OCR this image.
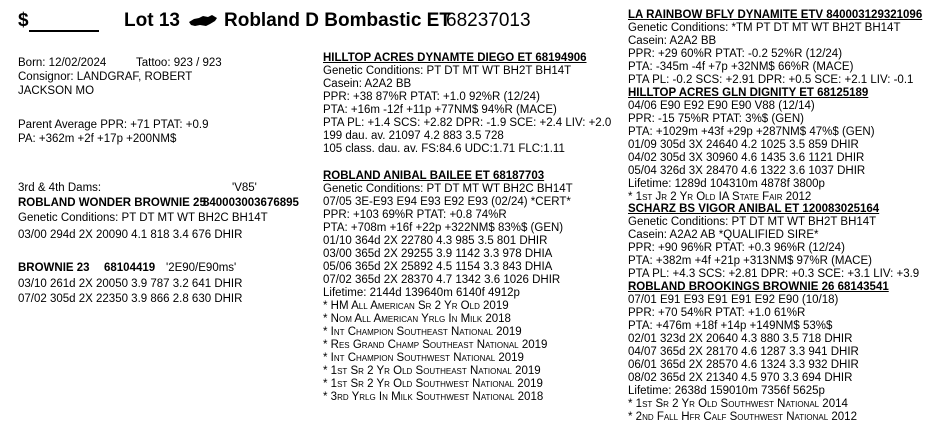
$	Lot 13 Robland D Bombastic ET
68237013
Born: 12/02/2024	Tattoo: 923 / 923
Consignor: LANDGRAF, ROBERT
JACKSON MO
Parent Average PPR: +71 PTAT: +0.9
PA: +362m +2f +17p +200NM$
3rd & 4th Dams:	'V85'
ROBLAND WONDER BROWNIE 25
840003003676895
Genetic Conditions: PT DT MT WT BH2C BH14T
03/00 294d 2X 20090 4.1 818 3.4 676 DHIR
BROWNIE 23 68104419 '2E90/E90ms'
03/10 261d 2X 20050 3.9 787 3.2 641 DHIR
07/02 305d 2X 22350 3.9 866 2.8 630 DHIR
HILLTOP ACRES DYNAMTE DIEGO ET 68194906
Genetic Conditions: PT DT MT WT BH2T BH14T
Casein: A2A2 BB
PPR: +38 87%R PTAT: +1.0 92%R (12/24)
PTA: +16m -12f +11p +77NM$ 94%R (MACE)
PTA PL: +1.4 SCS: +2.82 DPR: -1.9 SCE: +2.4 LIV: +2.0
199 dau. av. 21097 4.2 883 3.5 728
105 class. dau. av. FS:84.6 UDC:1.71 FLC:1.11
ROBLAND ANIBAL BAILEE ET 68187703
Genetic Conditions: PT DT MT WT BH2C BH14T
07/05 3E-E93 E94 E93 E92 E93 (02/24) *CERT*
PPR: +103 69%R PTAT: +0.8 74%R
PTA: +708m +16f +22p +322NM$ 83%$ (GEN)
01/10 364d 2X 22780 4.3 985 3.5 801 DHIR
03/00 365d 2X 29255 3.9 1142 3.3 978 DHIA
05/06 365d 2X 25892 4.5 1154 3.3 843 DHIA
07/02 365d 2X 28370 4.7 1342 3.6 1026 DHIR
Lifetime: 2144d 139640m 6140f 4912p
* HM All American Sr 2 Yr Old 2019
* Nom All American Yrlg In Milk 2018
* Int Champion Southeast National 2019
* Res Grand Champ Southeast National 2019
* Int Champion Southwest National 2019
* 1st Sr 2 Yr Old Southeast National 2019
* 1st Sr 2 Yr Old Southwest National 2019
* 3rd Yrlg In Milk Southwest National 2018
LA RAINBOW BFLY DYNAMITE ETV 840003129321096
Genetic Conditions: *TM PT DT MT WT BH2T BH14T
Casein: A2A2 BB
PPR: +29 60%R PTAT: -0.2 52%R (12/24)
PTA: -345m -4f +7p +32NM$ 66%R (MACE)
PTA PL: -0.2 SCS: +2.91 DPR: +0.5 SCE: +2.1 LIV: -0.1
HILLTOP ACRES GLN DIGNITY ET 68125189
04/06 E90 E92 E90 E90 V88 (12/14)
PPR: -15 75%R PTAT: 3%$ (GEN)
PTA: +1029m +43f +29p +287NM$ 47%$ (GEN)
01/09 305d 3X 24640 4.2 1025 3.5 859 DHIR
04/02 305d 3X 30960 4.6 1435 3.6 1121 DHIR
05/04 326d 3X 28470 4.6 1322 3.6 1037 DHIR
Lifetime: 1289d 104310m 4878f 3800p
* 1st Jr 2 Yr Old IA State Fair 2012
SCHARZ BS VIGOR ANIBAL ET 120083025164
Genetic Conditions: PT DT MT WT BH2T BH14T
Casein: A2A2 AB *QUALIFIED SIRE*
PPR: +90 96%R PTAT: +0.3 96%R (12/24)
PTA: +382m +4f +21p +313NM$ 97%R (MACE)
PTA PL: +4.3 SCS: +2.81 DPR: +0.3 SCE: +3.1 LIV: +3.9
ROBLAND BROOKINGS BROWNIE 26 68143541
07/01 E91 E93 E91 E91 E92 E90 (10/18)
PPR: +70 54%R PTAT: +1.0 61%R
PTA: +476m +18f +14p +149NM$ 53%$
02/01 323d 2X 20640 4.3 880 3.5 718 DHIR
04/07 365d 2X 28170 4.6 1287 3.3 941 DHIR
06/01 365d 2X 28570 4.6 1324 3.3 932 DHIR
08/02 365d 2X 21340 4.5 970 3.3 694 DHIR
Lifetime: 2638d 159010m 7356f 5625p
* 1st Sr 2 Yr Old Southwest National 2014
* 2nd Fall Hfr Calf Southwest National 2012
